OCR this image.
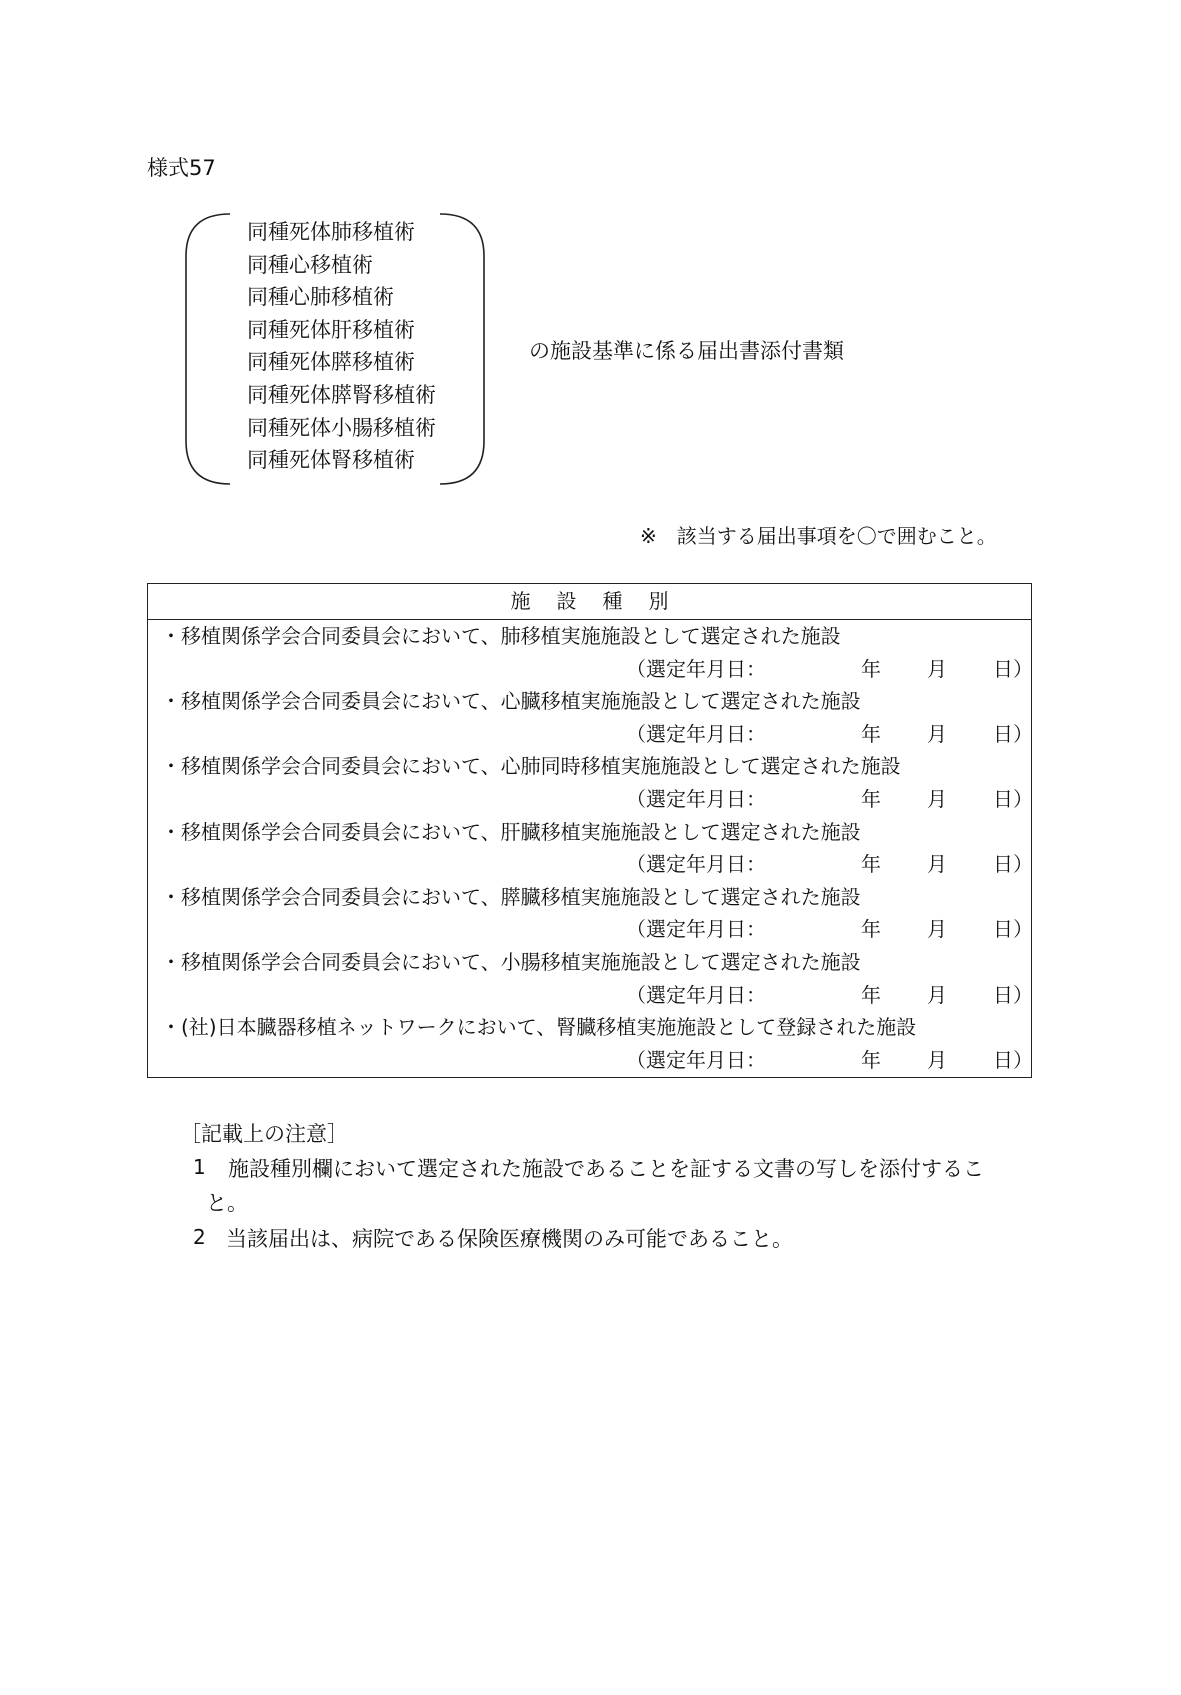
様式57
同種死体肺移植術
同種心移植術
同種心肺移植術
同種死体肝移植術
同種死体膵移植術
同種死体膵腎移植術
同種死体小腸移植術
同種死体腎移植術
の施設基準に係る届出書添付書類
※　該当する届出事項を〇で囲むこと。
施設種別
・移植関係学会合同委員会において、肺移植実施施設として選定された施設
（選定年月日：	年 月 日）
・移植関係学会合同委員会において、心臓移植実施施設として選定された施設
（選定年月日：	年 月 日）
・移植関係学会合同委員会において、心肺同時移植実施施設として選定された施設
（選定年月日：	年 月 日）
・移植関係学会合同委員会において、肝臓移植実施施設として選定された施設
（選定年月日：	年 月 日）
・移植関係学会合同委員会において、膵臓移植実施施設として選定された施設
（選定年月日：	年 月 日）
・移植関係学会合同委員会において、小腸移植実施施設として選定された施設
（選定年月日：	年 月 日）
・(社)日本臓器移植ネットワークにおいて、腎臓移植実施施設として登録された施設
（選定年月日：	年 月 日）
［記載上の注意］
1 施設種別欄において選定された施設であることを証する文書の写しを添付するこ
と。
2 当該届出は、病院である保険医療機関のみ可能であること。
